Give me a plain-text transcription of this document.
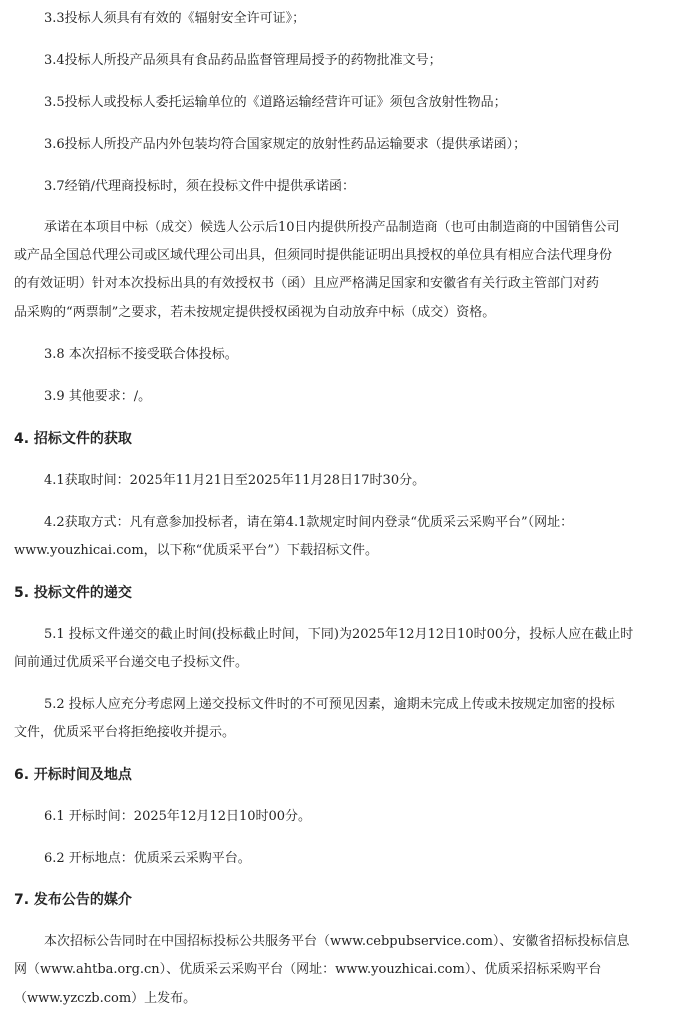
3.3投标人须具有有效的《辐射安全许可证》；
3.4投标人所投产品须具有食品药品监督管理局授予的药物批准文号；
3.5投标人或投标人委托运输单位的《道路运输经营许可证》须包含放射性物品；
3.6投标人所投产品内外包装均符合国家规定的放射性药品运输要求（提供承诺函）；
3.7经销/代理商投标时，须在投标文件中提供承诺函：
承诺在本项目中标（成交）候选人公示后10日内提供所投产品制造商（也可由制造商的中国销售公司
或产品全国总代理公司或区域代理公司出具，但须同时提供能证明出具授权的单位具有相应合法代理身份
的有效证明）针对本次投标出具的有效授权书（函）且应严格满足国家和安徽省有关行政主管部门对药
品采购的“两票制”之要求，若未按规定提供授权函视为自动放弃中标（成交）资格。
3.8 本次招标不接受联合体投标。
3.9 其他要求：/。
4. 招标文件的获取
4.1获取时间：2025年11月21日至2025年11月28日17时30分。
4.2获取方式：凡有意参加投标者，请在第4.1款规定时间内登录“优质采云采购平台”（网址：
www.youzhicai.com，以下称“优质采平台”）下载招标文件。
5. 投标文件的递交
5.1 投标文件递交的截止时间(投标截止时间，下同)为2025年12月12日10时00分，投标人应在截止时
间前通过优质采平台递交电子投标文件。
5.2 投标人应充分考虑网上递交投标文件时的不可预见因素，逾期未完成上传或未按规定加密的投标
文件，优质采平台将拒绝接收并提示。
6. 开标时间及地点
6.1 开标时间：2025年12月12日10时00分。
6.2 开标地点：优质采云采购平台。
7. 发布公告的媒介
本次招标公告同时在中国招标投标公共服务平台（www.cebpubservice.com）、安徽省招标投标信息
网（www.ahtba.org.cn）、优质采云采购平台（网址：www.youzhicai.com）、优质采招标采购平台
（www.yzczb.com）上发布。
